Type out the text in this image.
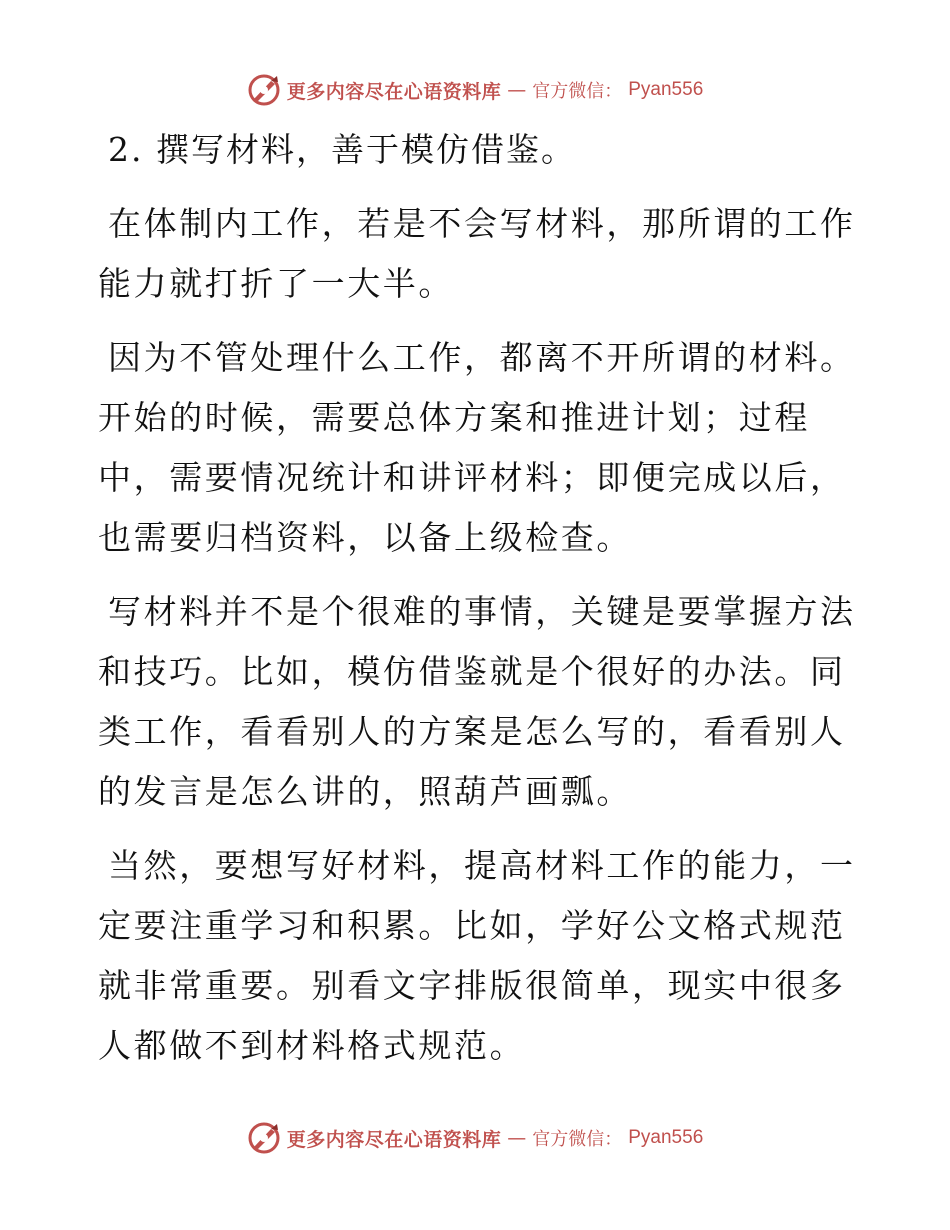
更多内容尽在心语资料库 — 官方微信： Pyan556

2. 撰写材料，善于模仿借鉴。

在体制内工作，若是不会写材料，那所谓的工作能力就打折了一大半。

因为不管处理什么工作，都离不开所谓的材料。开始的时候，需要总体方案和推进计划；过程中，需要情况统计和讲评材料；即便完成以后，也需要归档资料，以备上级检查。

写材料并不是个很难的事情，关键是要掌握方法和技巧。比如，模仿借鉴就是个很好的办法。同类工作，看看别人的方案是怎么写的，看看别人的发言是怎么讲的，照葫芦画瓢。

当然，要想写好材料，提高材料工作的能力，一定要注重学习和积累。比如，学好公文格式规范就非常重要。别看文字排版很简单，现实中很多人都做不到材料格式规范。

更多内容尽在心语资料库 — 官方微信： Pyan556
